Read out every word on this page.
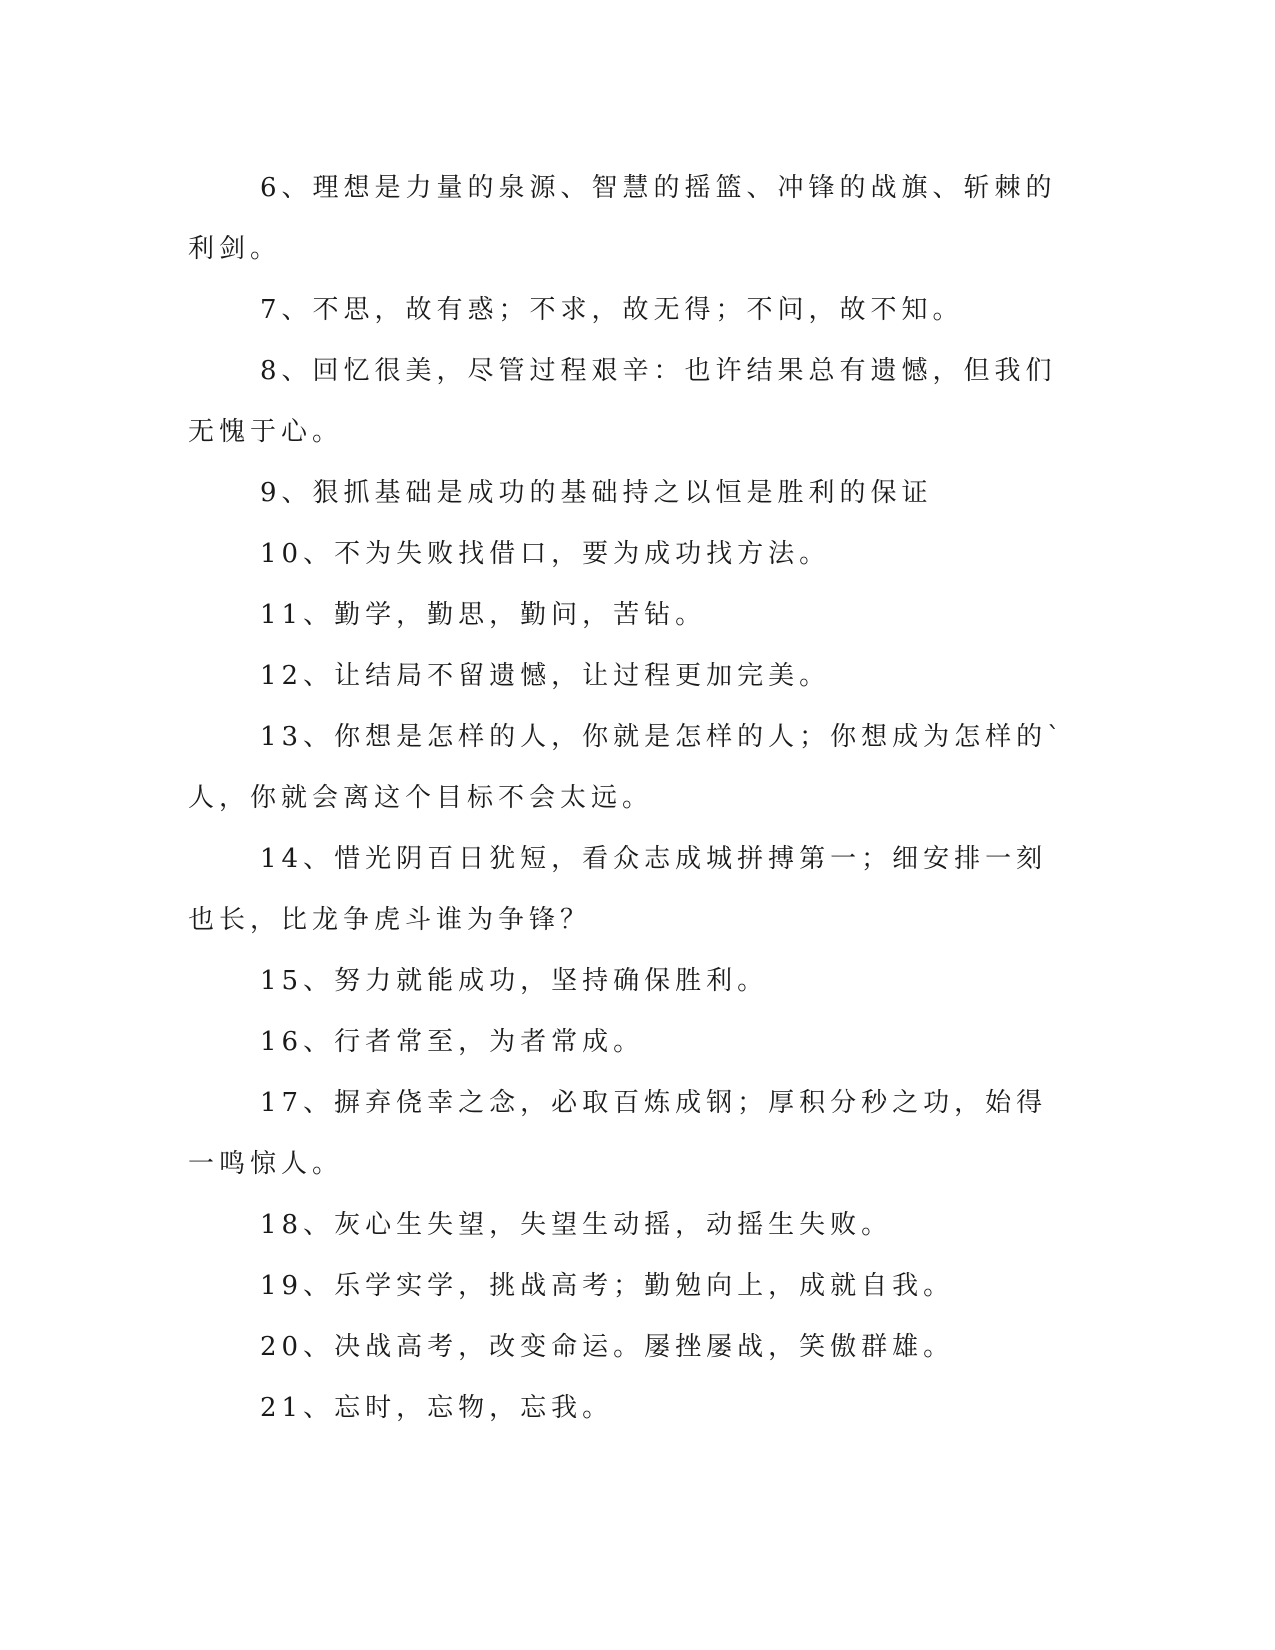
6、理想是力量的泉源、智慧的摇篮、冲锋的战旗、斩棘的利剑。

7、不思，故有惑；不求，故无得；不问，故不知。

8、回忆很美，尽管过程艰辛：也许结果总有遗憾，但我们无愧于心。

9、狠抓基础是成功的基础持之以恒是胜利的保证

10、不为失败找借口，要为成功找方法。

11、勤学，勤思，勤问，苦钻。

12、让结局不留遗憾，让过程更加完美。

13、你想是怎样的人，你就是怎样的人；你想成为怎样的`人，你就会离这个目标不会太远。

14、惜光阴百日犹短，看众志成城拼搏第一；细安排一刻也长，比龙争虎斗谁为争锋？

15、努力就能成功，坚持确保胜利。

16、行者常至，为者常成。

17、摒弃侥幸之念，必取百炼成钢；厚积分秒之功，始得一鸣惊人。

18、灰心生失望，失望生动摇，动摇生失败。

19、乐学实学，挑战高考；勤勉向上，成就自我。

20、决战高考，改变命运。屡挫屡战，笑傲群雄。

21、忘时，忘物，忘我。
